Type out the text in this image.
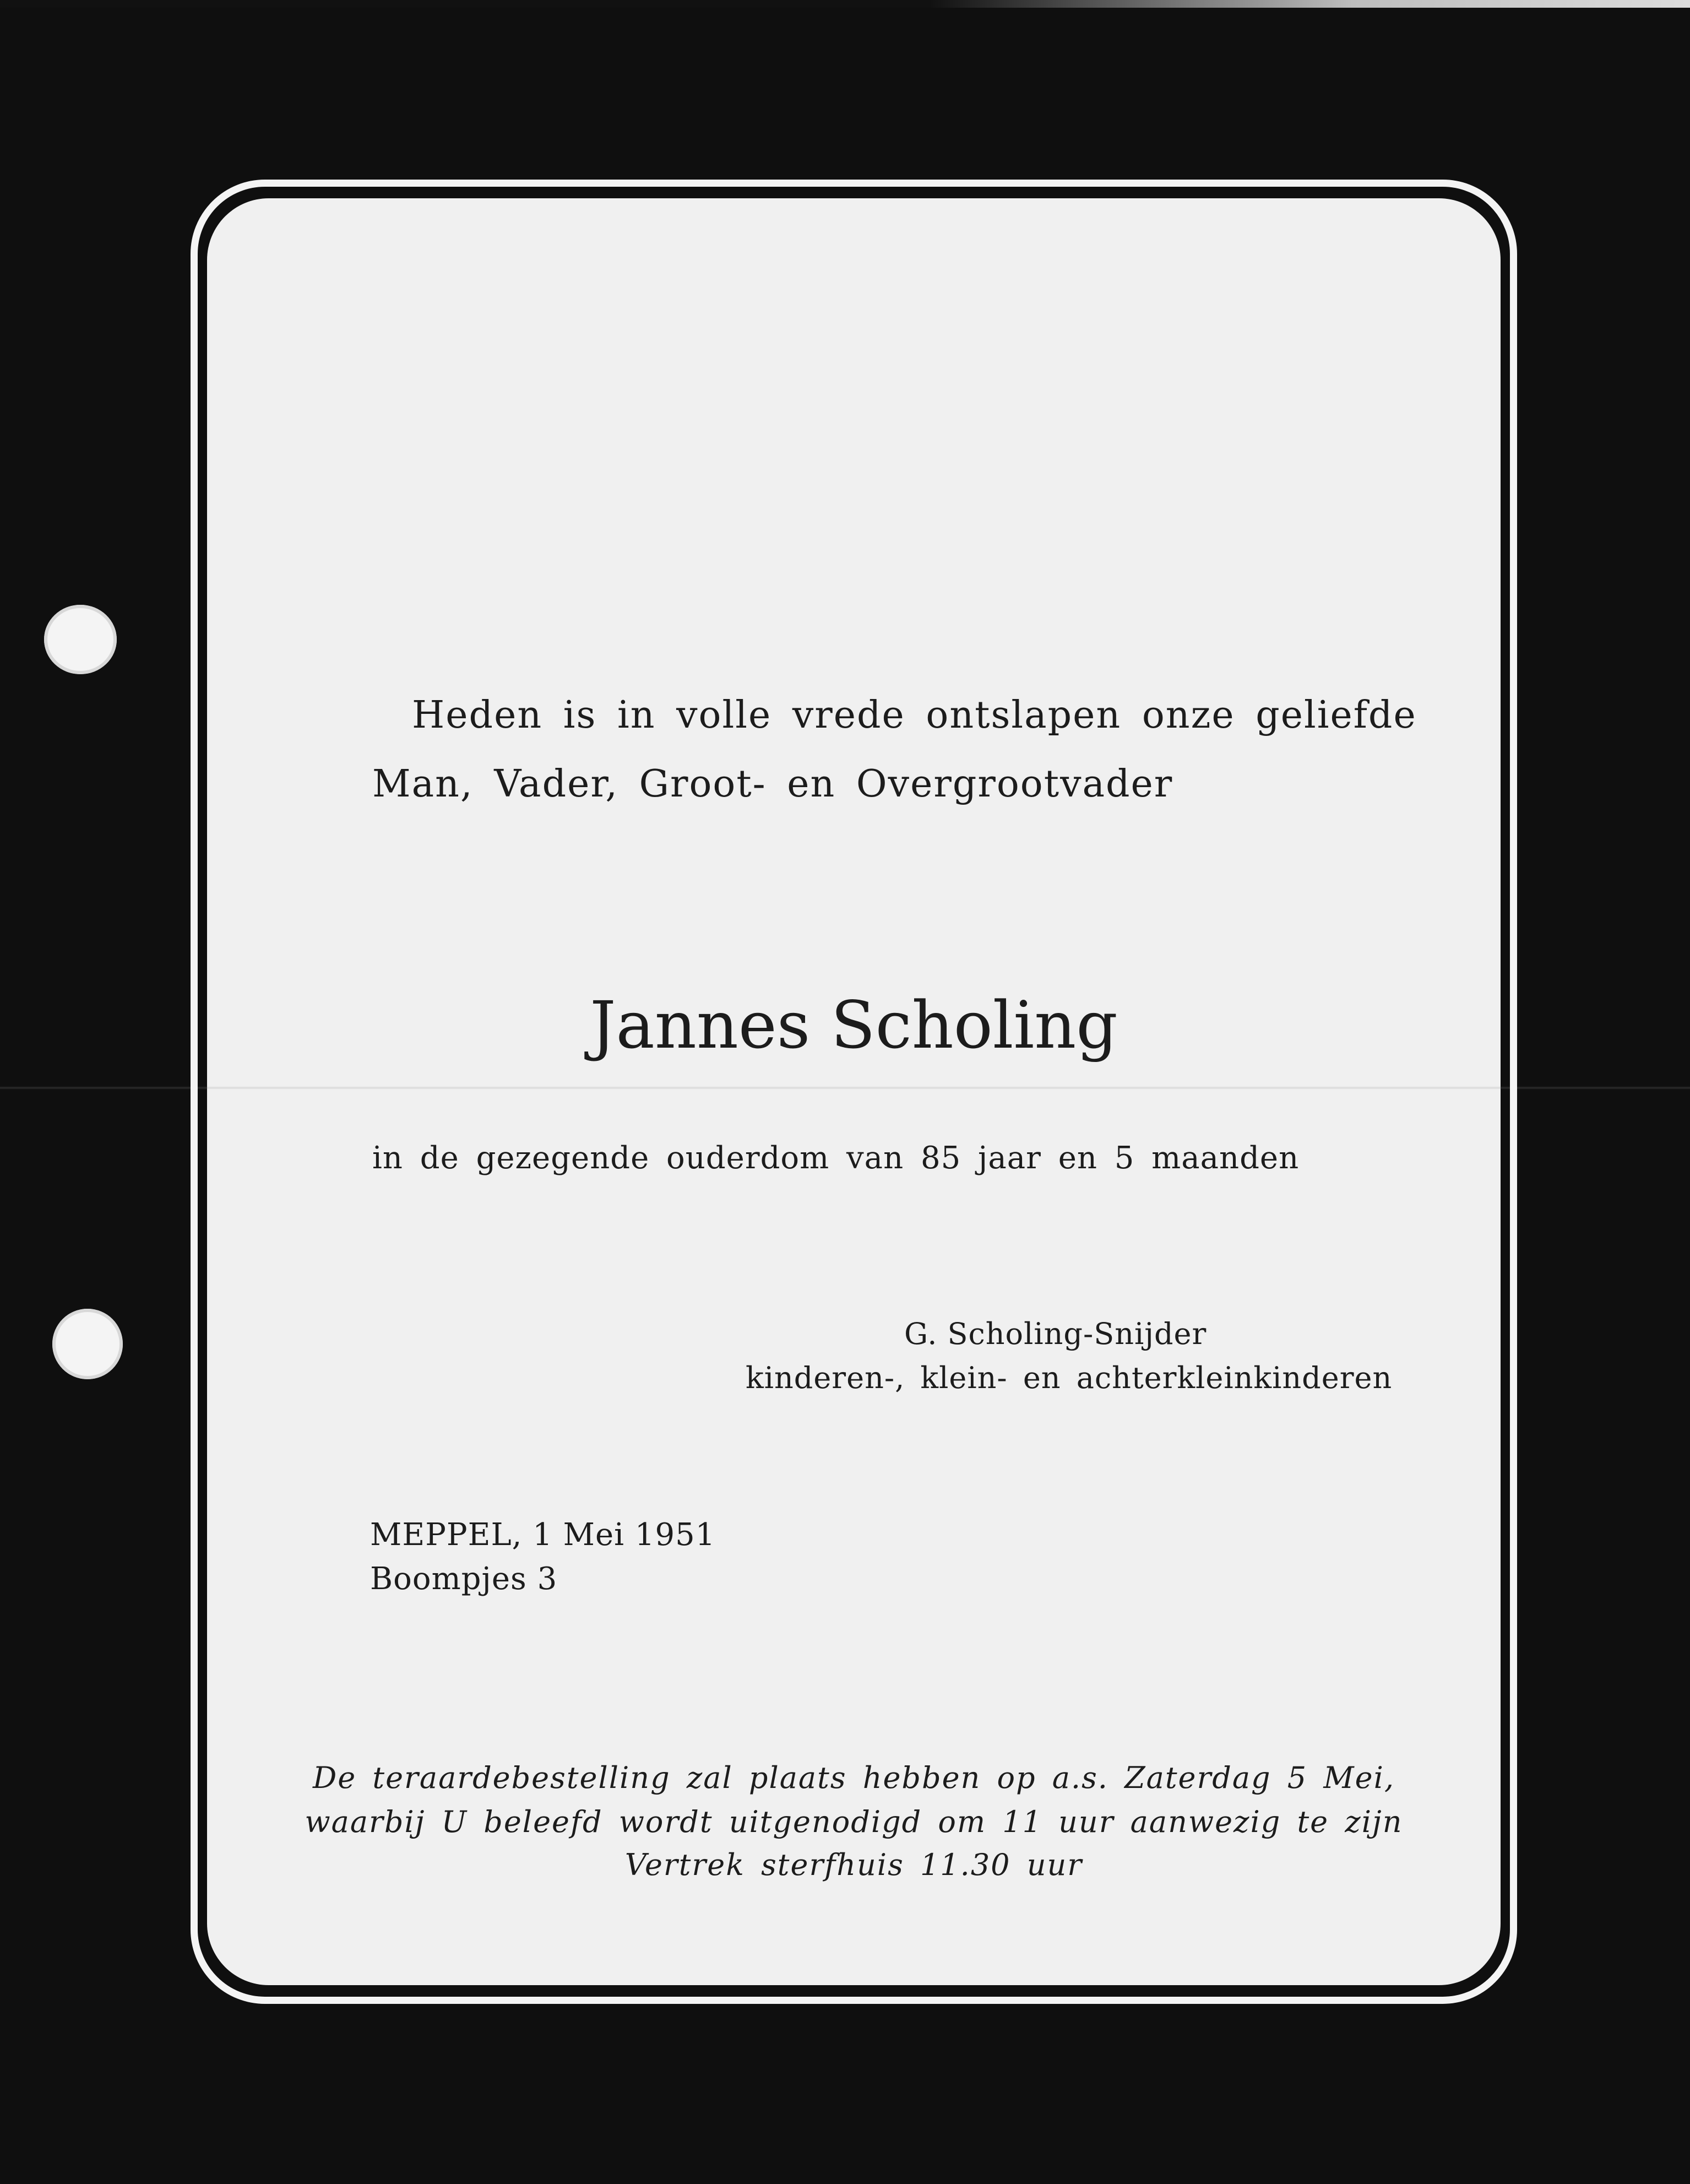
Heden is in volle vrede ontslapen onze geliefde
Man, Vader, Groot- en Overgrootvader
Jannes Scholing
in de gezegende ouderdom van 85 jaar en 5 maanden
G. Scholing-Snijder
kinderen-, klein- en achterkleinkinderen
MEPPEL, 1 Mei 1951
Boompjes 3
De teraardebestelling zal plaats hebben op a.s. Zaterdag 5 Mei,
waarbij U beleefd wordt uitgenodigd om 11 uur aanwezig te zijn
Vertrek sterfhuis 11.30 uur
